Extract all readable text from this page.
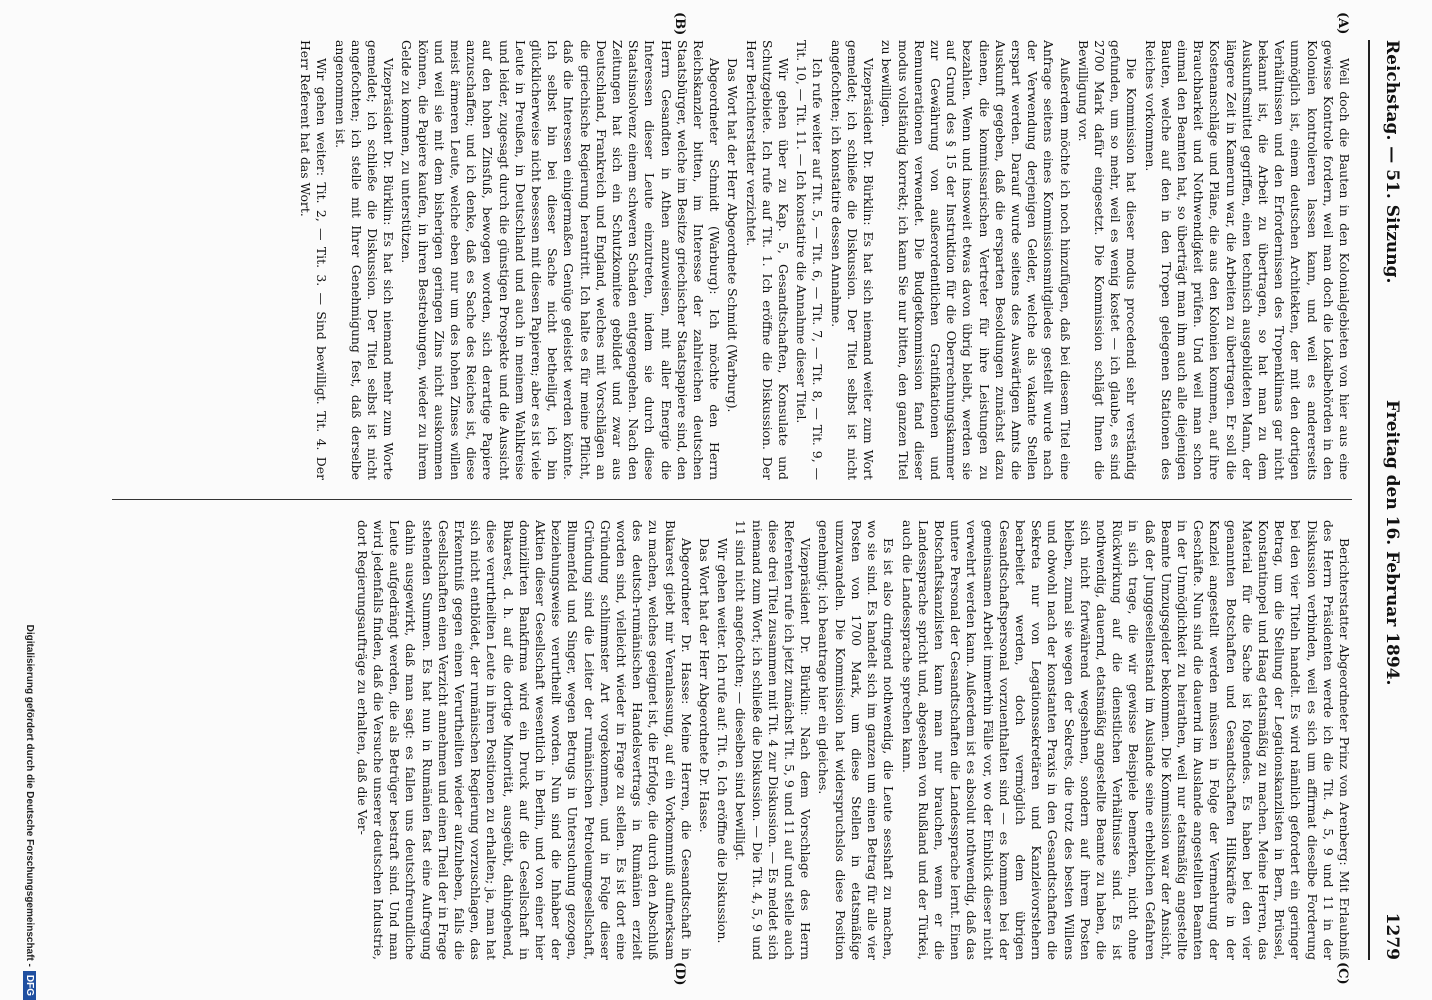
Reichstag. — 51. Sitzung.
Freitag den 16. Februar 1894.
1279
(A)
(B)
(C)
(D)

Weil doch die Bauten in den Kolonialgebieten von hier aus eine gewisse Kontrole fordern, weil man doch die Lokalbehörden in den Kolonien kontrolieren lassen kann, und weil es andererseits unmöglich ist, einem deutschen Architekten, der mit den dortigen Verhältnissen und den Erfordernissen des Tropenklimas gar nicht bekannt ist, die Arbeit zu übertragen, so hat man zu dem Auskunftsmittel gegriffen, einen technisch ausgebildeten Mann, der längere Zeit in Kamerun war, die Arbeiten zu übertragen. Er soll die Kostenanschläge und Pläne, die aus den Kolonien kommen, auf ihre Brauchbarkeit und Nothwendigkeit prüfen. Und weil man schon einmal den Beamten hat, so überträgt man ihm auch alle diejenigen Bauten, welche auf den in den Tropen gelegenen Stationen des Reiches vorkommen.

Die Kommission hat dieser modus procedendi sehr verständig gefunden, um so mehr, weil es wenig kostet — ich glaube, es sind 2700 Mark dafür eingesetzt. Die Kommission schlägt Ihnen die Bewilligung vor.

Außerdem möchte ich noch hinzufügen, daß bei diesem Titel eine Anfrage seitens eines Kommissionsmitgliedes gestellt wurde nach der Verwendung derjenigen Gelder, welche als vakante Stellen erspart werden. Darauf wurde seitens des Auswärtigen Amts die Auskunft gegeben, daß die ersparten Besoldungen zunächst dazu dienen, die kommissarischen Vertreter für ihre Leistungen zu bezahlen. Wenn und insoweit etwas davon übrig bleibt, werden sie auf Grund des § 15 der Instruktion für die Oberrechnungskammer zur Gewährung von außerordentlichen Gratifikationen und Remunerationen verwendet. Die Budgetkommission fand dieser modus vollständig korrekt; ich kann Sie nur bitten, den ganzen Titel zu bewilligen.

Vizepräsident Dr. Bürklin: Es hat sich niemand weiter zum Wort gemeldet; ich schließe die Diskussion. Der Titel selbst ist nicht angefochten; ich konstatire dessen Annahme.

Ich rufe weiter auf Tit. 5, — Tit. 6, — Tit. 7, — Tit. 8, — Tit. 9, — Tit. 10, — Tit. 11. — Ich konstatire die Annahme dieser Titel.

Wir gehen über zu Kap. 5, Gesandtschaften, Konsulate und Schutzgebiete. Ich rufe auf Tit. 1. Ich eröffne die Diskussion. Der Herr Berichterstatter verzichtet.

Das Wort hat der Herr Abgeordnete Schmidt (Warburg).

Abgeordneter Schmidt (Warburg): Ich möchte den Herrn Reichskanzler bitten, im Interesse der zahlreichen deutschen Staatsbürger, welche im Besitze griechischer Staatspapiere sind, den Herrn Gesandten in Athen anzuweisen, mit aller Energie die Interessen dieser Leute einzutreten, indem sie durch diese Staatsinsolvenz einem schweren Schaden entgegengehen. Nach den Zeitungen hat sich ein Schutzkomitee gebildet und zwar aus Deutschland, Frankreich und England, welches mit Vorschlägen an die griechische Regierung herantritt. Ich halte es für meine Pflicht, daß die Interessen einigermaßen Genüge geleistet werden könnte. Ich selbst bin bei dieser Sache nicht betheiligt, ich bin glücklicherweise nicht besessen mit diesen Papieren; aber es ist viele Leute in Preußen, in Deutschland und auch in meinem Wahlkreise und leider, zugesagt durch die günstigen Prospekte und die Aussicht auf den hohen Zinsfuß, bewogen worden, sich derartige Papiere anzuschaffen; und ich denke, daß es Sache des Reiches ist, diese meist ärmeren Leute, welche eben nur um des hohen Zinses willen und weil sie mit dem bisherigen geringen Zins nicht auskommen können, die Papiere kaufen, in ihren Bestrebungen, wieder zu ihrem Gelde zu kommen, zu unterstützen.

Vizepräsident Dr. Bürklin: Es hat sich niemand mehr zum Worte gemeldet; ich schließe die Diskussion. Der Titel selbst ist nicht angefochten; ich stelle mit Ihrer Genehmigung fest, daß derselbe angenommen ist.

Wir gehen weiter: Tit. 2, — Tit. 3. — Sind bewilligt. Tit. 4. Der Herr Referent hat das Wort.

Berichterstatter Abgeordneter Prinz von Arenberg: Mit Erlaubniß des Herrn Präsidenten werde ich die Tit. 4, 5, 9 und 11 in der Diskussion verbinden, weil es sich um affirmat dieselbe Forderung bei den vier Titeln handelt. Es wird nämlich gefordert ein geringer Betrag, um die Stellung der Legationskanzlisten in Bern, Brüssel, Konstantinopel und Haag etatsmäßig zu machen. Meine Herren, das Material für die Sache ist folgendes. Es haben bei den vier genannten Botschaften und Gesandtschaften Hilfskräfte in der Kanzlei angestellt werden müssen in Folge der Vermehrung der Geschäfte. Nun sind die dauernd im Auslande angestellten Beamten in der Unmöglichkeit zu heirathen, weil nur etatsmäßig angestellte Beamte Umzugsgelder bekommen. Die Kommission war der Ansicht, daß der Junggesellenstand im Auslande seine erheblichen Gefahren in sich trage, die wir gewisse Beispiele bemerken, nicht ohne Rückwirkung auf die dienstlichen Verhältnisse sind. Es ist nothwendig, dauernd, etatsmäßig angestellte Beamte zu haben, die sich nicht fortwährend wegsehnen, sondern auf ihrem Posten bleiben, zumal sie wegen der Sekrets, die trotz des besten Willens und obwohl nach der konstanten Praxis in den Gesandtschaften die Sekreta nur von Legationssekretären und Kanzleivorstehern bearbeitet werden, doch vermöglich dem übrigen Gesandtschaftspersonal vorzuenthalten sind — es kommen bei der gemeinsamen Arbeit immerhin Fälle vor, wo der Einblick dieser nicht verwehrt werden kann. Außerdem ist es absolut nothwendig, daß das untere Personal der Gesandtschaften die Landessprache lernt. Einen Botschaftskanzlisten kann man nur brauchen, wenn er die Landessprache spricht und, abgesehen von Rußland und der Türkei, auch die Landessprache sprechen kann.

Es ist also dringend nothwendig, die Leute sesshaft zu machen, wo sie sind. Es handelt sich im ganzen um einen Betrag für alle vier Posten von 1700 Mark, um diese Stellen in etatsmäßige umzuwandeln. Die Kommission hat widerspruchslos diese Position genehmigt; ich beantrage hier ein gleiches.

Vizepräsident Dr. Bürklin: Nach dem Vorschlage des Herrn Referenten rufe ich jetzt zunächst Tit. 5, 9 und 11 auf und stelle auch diese drei Titel zusammen mit Tit. 4 zur Diskussion. — Es meldet sich niemand zum Wort; ich schließe die Diskussion. — Die Tit. 4, 5, 9 und 11 sind nicht angefochten; — dieselben sind bewilligt.

Wir gehen weiter. Ich rufe auf: Tit. 6. Ich eröffne die Diskussion.

Das Wort hat der Herr Abgeordnete Dr. Hasse.

Abgeordneter Dr. Hasse: Meine Herren, die Gesandtschaft in Bukarest giebt mir Veranlassung, auf ein Vorkommniß aufmerksam zu machen, welches geeignet ist, die Erfolge, die durch den Abschluß des deutsch-rumänischen Handelsvertrags in Rumänien erzielt worden sind, vielleicht wieder in Frage zu stellen. Es ist dort eine Gründung schlimmster Art vorgekommen, und in Folge dieser Gründung sind die Leiter der rumänischen Petroleumgesellschaft, Blumenfeld und Singer, wegen Betrugs in Untersuchung gezogen, beziehungsweise verurtheilt worden. Nun sind die Inhaber der Aktien dieser Gesellschaft wesentlich in Berlin, und von einer hier domizilirten Bankfirma wird ein Druck auf die Gesellschaft in Bukarest, d. h. auf die dortige Minorität, ausgeübt, dahingehend, diese verurtheilten Leute in ihren Positionen zu erhalten; ja, man hat sich nicht entblödet, der rumänischen Regierung vorzuschlagen, das Erkenntniß gegen einen Verurtheilten wieder aufzuheben, falls die Gesellschaften einen Verzicht annehmen und einen Theil der in Frage stehenden Summen. Es hat nun in Rumänien fast eine Aufregung dahin ausgewirkt, daß man sagt: es fallen uns deutschfreundliche Leute aufgedrängt werden, die als Betrüger bestraft sind. Und man wird jedenfalls finden, daß die Versuche unserer deutschen Industrie, dort Regierungsaufträge zu erhalten, daß die Ver-

Digitalisierung gefördert durch die Deutsche Forschungsgemeinschaft -DFG
